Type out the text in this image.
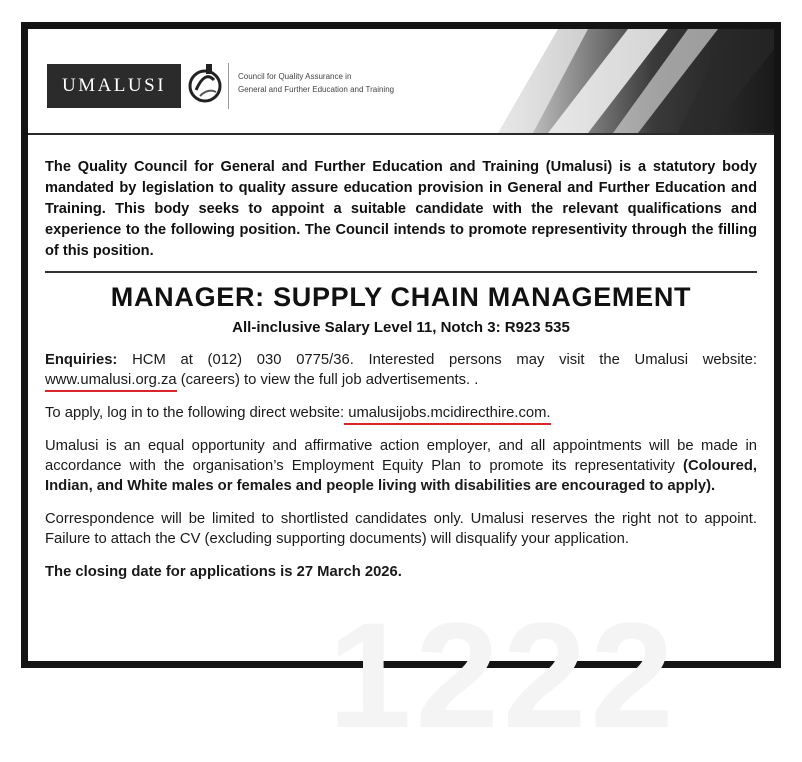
1222
UMALUSI	Council for Quality Assurance in
General and Further Education and Training

The Quality Council for General and Further Education and Training (Umalusi) is a statutory body mandated by legislation to quality assure education provision in General and Further Education and Training. This body seeks to appoint a suitable candidate with the relevant qualifications and experience to the following position. The Council intends to promote representivity through the filling of this position.

MANAGER: SUPPLY CHAIN MANAGEMENT
All-inclusive Salary Level 11, Notch 3: R923 535

Enquiries: HCM at (012) 030 0775/36. Interested persons may visit the Umalusi website: www.umalusi.org.za (careers) to view the full job advertisements. .

To apply, log in to the following direct website: umalusijobs.mcidirecthire.com.

Umalusi is an equal opportunity and affirmative action employer, and all appointments will be made in accordance with the organisation’s Employment Equity Plan to promote its representativity (Coloured, Indian, and White males or females and people living with disabilities are encouraged to apply).

Correspondence will be limited to shortlisted candidates only. Umalusi reserves the right not to appoint. Failure to attach the CV (excluding supporting documents) will disqualify your application.

The closing date for applications is 27 March 2026.
